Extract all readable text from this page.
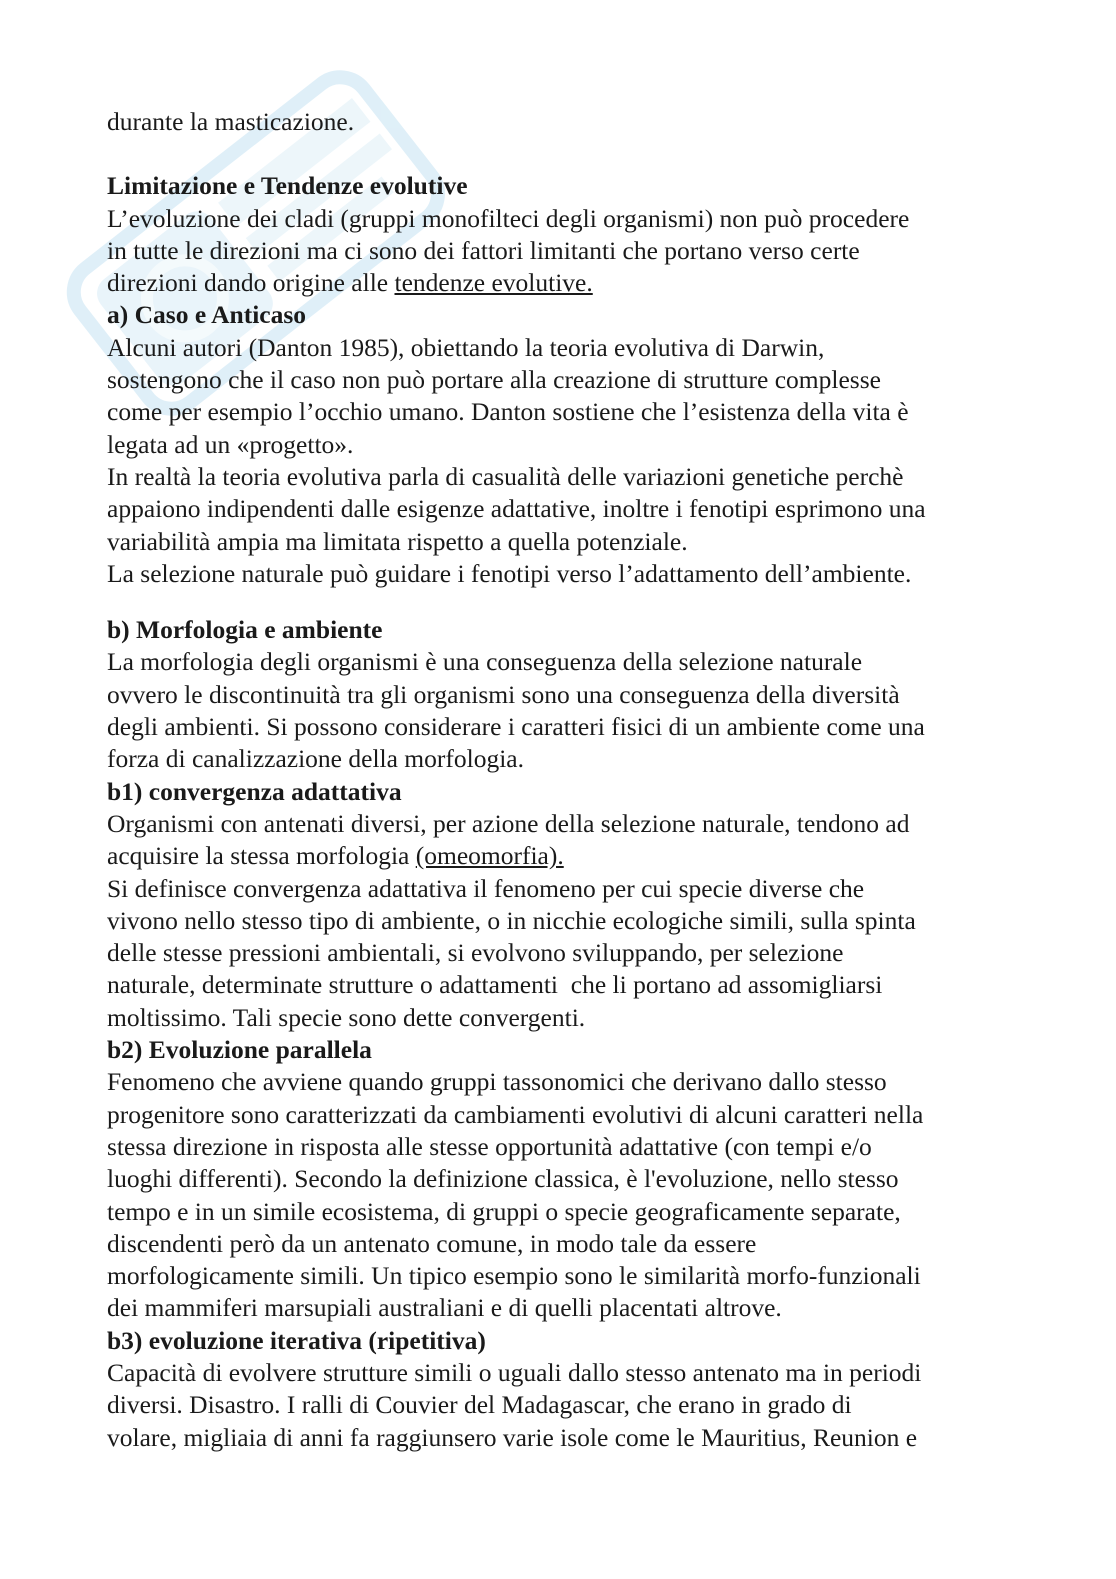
durante la masticazione.
Limitazione e Tendenze evolutive
L’evoluzione dei cladi (gruppi monofilteci degli organismi) non può procedere
in tutte le direzioni ma ci sono dei fattori limitanti che portano verso certe
direzioni dando origine alle tendenze evolutive.
a) Caso e Anticaso
Alcuni autori (Danton 1985), obiettando la teoria evolutiva di Darwin,
sostengono che il caso non può portare alla creazione di strutture complesse
come per esempio l’occhio umano. Danton sostiene che l’esistenza della vita è
legata ad un «progetto».
In realtà la teoria evolutiva parla di casualità delle variazioni genetiche perchè
appaiono indipendenti dalle esigenze adattative, inoltre i fenotipi esprimono una
variabilità ampia ma limitata rispetto a quella potenziale.
La selezione naturale può guidare i fenotipi verso l’adattamento dell’ambiente.
b) Morfologia e ambiente
La morfologia degli organismi è una conseguenza della selezione naturale
ovvero le discontinuità tra gli organismi sono una conseguenza della diversità
degli ambienti. Si possono considerare i caratteri fisici di un ambiente come una
forza di canalizzazione della morfologia.
b1) convergenza adattativa
Organismi con antenati diversi, per azione della selezione naturale, tendono ad
acquisire la stessa morfologia (omeomorfia).
Si definisce convergenza adattativa il fenomeno per cui specie diverse che
vivono nello stesso tipo di ambiente, o in nicchie ecologiche simili, sulla spinta
delle stesse pressioni ambientali, si evolvono sviluppando, per selezione
naturale, determinate strutture o adattamenti  che li portano ad assomigliarsi
moltissimo. Tali specie sono dette convergenti.
b2) Evoluzione parallela
Fenomeno che avviene quando gruppi tassonomici che derivano dallo stesso
progenitore sono caratterizzati da cambiamenti evolutivi di alcuni caratteri nella
stessa direzione in risposta alle stesse opportunità adattative (con tempi e/o
luoghi differenti). Secondo la definizione classica, è l'evoluzione, nello stesso
tempo e in un simile ecosistema, di gruppi o specie geograficamente separate,
discendenti però da un antenato comune, in modo tale da essere
morfologicamente simili. Un tipico esempio sono le similarità morfo-funzionali
dei mammiferi marsupiali australiani e di quelli placentati altrove.
b3) evoluzione iterativa (ripetitiva)
Capacità di evolvere strutture simili o uguali dallo stesso antenato ma in periodi
diversi. Disastro. I ralli di Couvier del Madagascar, che erano in grado di
volare, migliaia di anni fa raggiunsero varie isole come le Mauritius, Reunion e
